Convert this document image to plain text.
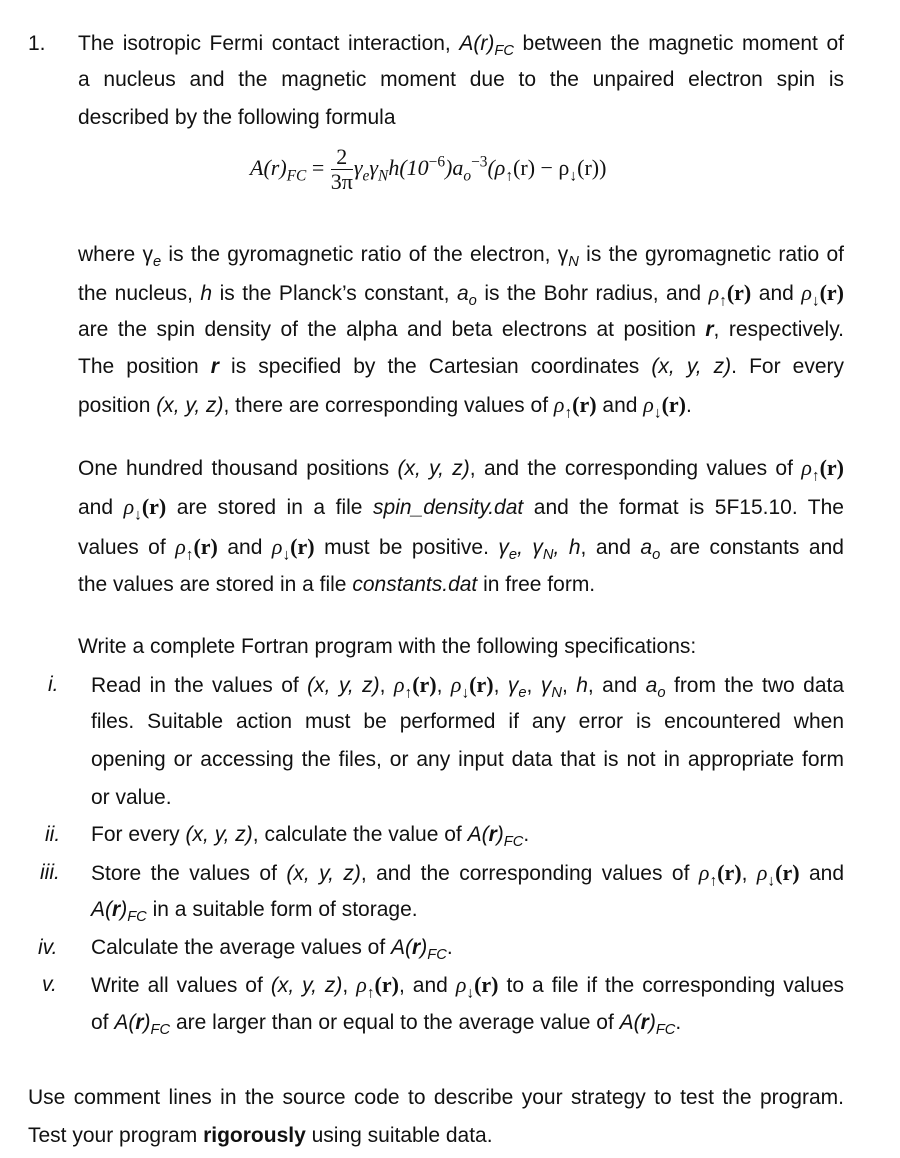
1. The isotropic Fermi contact interaction, $A(r)_{FC}$ between the magnetic moment of
a nucleus and the magnetic moment due to the unpaired electron spin is
described by the following formula
$A(r)_{FC} = \frac{2}{3\pi} \gamma_e\gamma_Nh(10^{-6})a_o^{-3}(\rho_↑(r) - \rho_↓(r))$
where $\gamma_e$ is the gyromagnetic ratio of the electron, $\gamma_N$ is the gyromagnetic ratio of
the nucleus, h is the Planck’s constant, $a_o$ is the Bohr radius, and $\rho_↑(r)$ and $\rho_↓(r)$
are the spin density of the alpha and beta electrons at position r, respectively.
The position r is specified by the Cartesian coordinates (x, y, z). For every
position (x, y, z), there are corresponding values of $\rho_↑(r)$ and $\rho_↓(r)$.
One hundred thousand positions (x, y, z), and the corresponding values of $\rho_↑(r)$
and $\rho_↓(r)$ are stored in a file spin_density.dat and the format is 5F15.10. The
values of $\rho_↑(r)$ and $\rho_↓(r)$ must be positive. $\gamma_e$, $\gamma_N$, h, and $a_o$ are constants and
the values are stored in a file constants.dat in free form.
Write a complete Fortran program with the following specifications:
i.	Read in the values of (x, y, z), $\rho_↑(r)$, $\rho_↓(r)$, $\gamma_e$, $\gamma_N$, h, and $a_o$ from the two data
files. Suitable action must be performed if any error is encountered when
opening or accessing the files, or any input data that is not in appropriate form
or value.
ii.	For every (x, y, z), calculate the value of $A(r)_{FC}$.
iii.	Store the values of (x, y, z), and the corresponding values of $\rho_↑(r)$, $\rho_↓(r)$ and
$A(r)_{FC}$ in a suitable form of storage.
iv.	Calculate the average values of $A(r)_{FC}$.
v.	Write all values of (x, y, z), $\rho_↑(r)$, and $\rho_↓(r)$ to a file if the corresponding values
of $A(r)_{FC}$ are larger than or equal to the average value of $A(r)_{FC}$.
Use comment lines in the source code to describe your strategy to test the program.
Test your program rigorously using suitable data.
